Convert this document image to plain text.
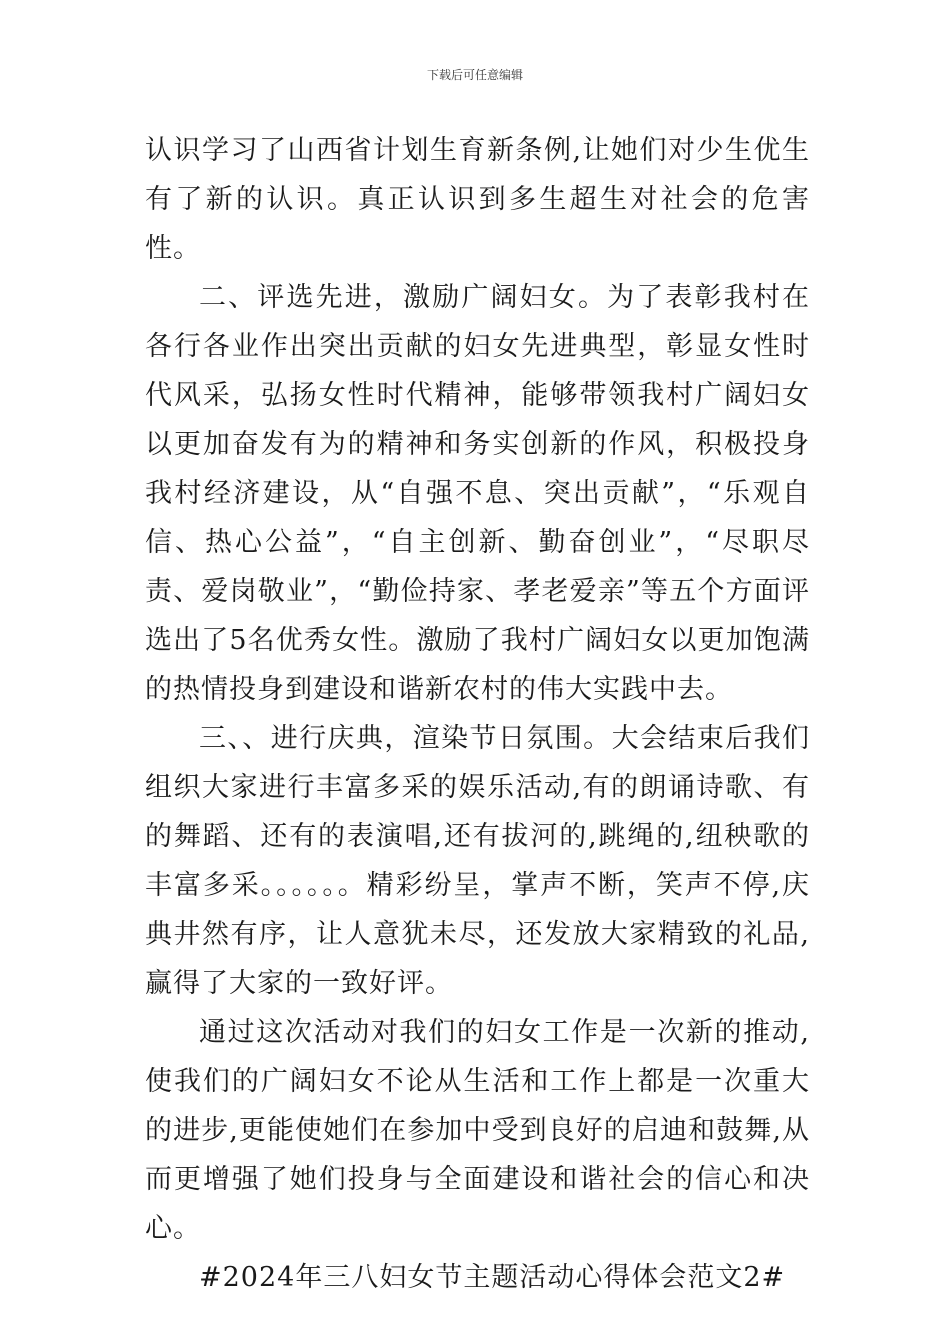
下载后可任意编辑

认识学习了山西省计划生育新条例,让她们对少生优生有了新的认识。真正认识到多生超生对社会的危害性。

二、评选先进，激励广阔妇女。为了表彰我村在各行各业作出突出贡献的妇女先进典型，彰显女性时代风采，弘扬女性时代精神，能够带领我村广阔妇女以更加奋发有为的精神和务实创新的作风，积极投身我村经济建设，从“自强不息、突出贡献”，“乐观自信、热心公益”，“自主创新、勤奋创业”，“尽职尽责、爱岗敬业”，“勤俭持家、孝老爱亲”等五个方面评选出了5名优秀女性。激励了我村广阔妇女以更加饱满的热情投身到建设和谐新农村的伟大实践中去。

三、、进行庆典，渲染节日氛围。大会结束后我们组织大家进行丰富多采的娱乐活动,有的朗诵诗歌、有的舞蹈、还有的表演唱,还有拔河的,跳绳的,纽秧歌的丰富多采。。。。。。精彩纷呈，掌声不断，笑声不停,庆典井然有序，让人意犹未尽，还发放大家精致的礼品,赢得了大家的一致好评。

通过这次活动对我们的妇女工作是一次新的推动,使我们的广阔妇女不论从生活和工作上都是一次重大的进步,更能使她们在参加中受到良好的启迪和鼓舞,从而更增强了她们投身与全面建设和谐社会的信心和决心。

#2024年三八妇女节主题活动心得体会范文2#
